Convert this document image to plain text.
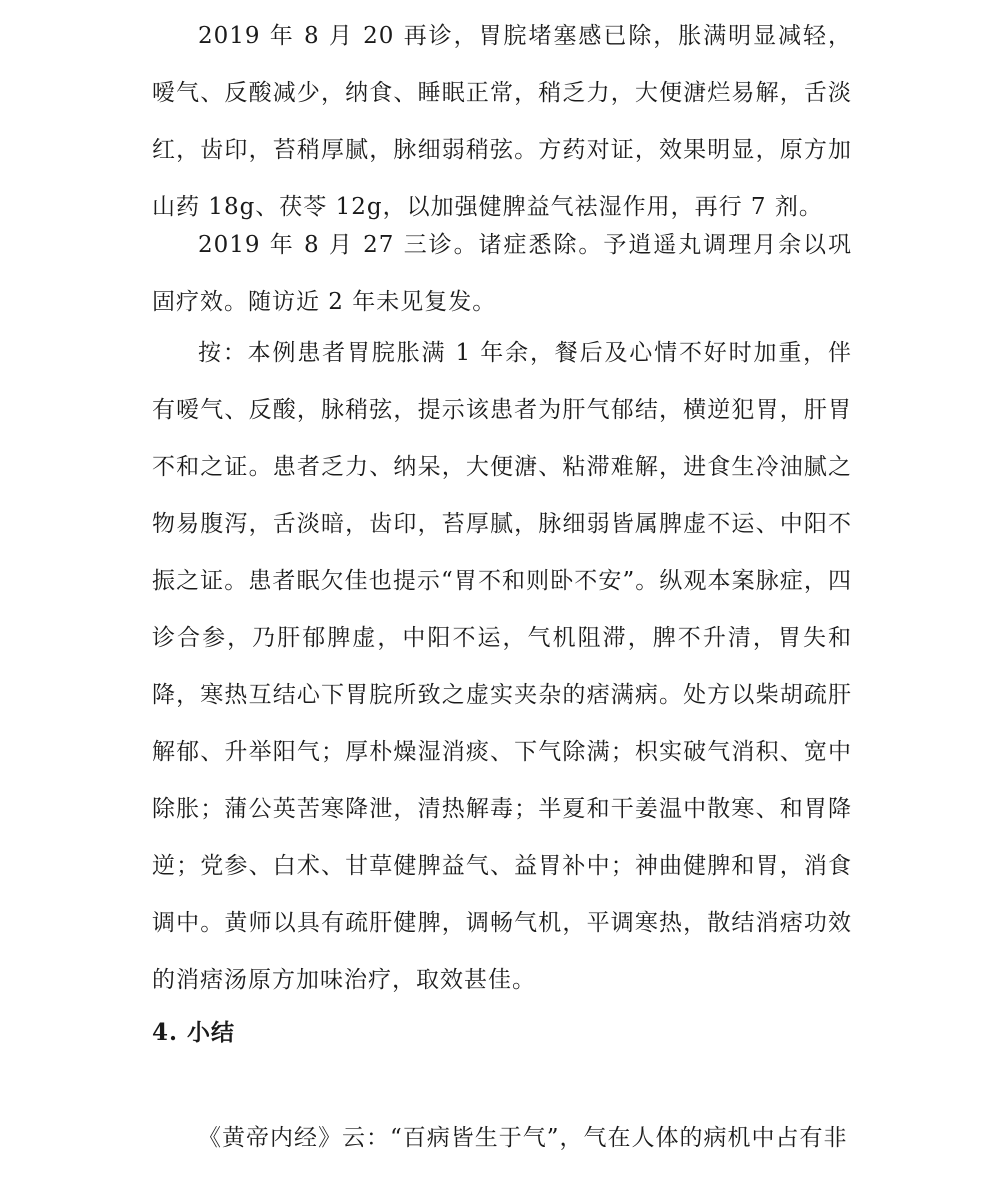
2019 年 8 月 20 再诊，胃脘堵塞感已除，胀满明显减轻，嗳气、反酸减少，纳食、睡眠正常，稍乏力，大便溏烂易解，舌淡红，齿印，苔稍厚腻，脉细弱稍弦。方药对证，效果明显，原方加山药 18g、茯苓 12g，以加强健脾益气祛湿作用，再行 7 剂。

2019 年 8 月 27 三诊。诸症悉除。予逍遥丸调理月余以巩固疗效。随访近 2 年未见复发。

按：本例患者胃脘胀满 1 年余，餐后及心情不好时加重，伴有嗳气、反酸，脉稍弦，提示该患者为肝气郁结，横逆犯胃，肝胃不和之证。患者乏力、纳呆，大便溏、粘滞难解，进食生冷油腻之物易腹泻，舌淡暗，齿印，苔厚腻，脉细弱皆属脾虚不运、中阳不振之证。患者眠欠佳也提示“胃不和则卧不安”。纵观本案脉症，四诊合参，乃肝郁脾虚，中阳不运，气机阻滞，脾不升清，胃失和降，寒热互结心下胃脘所致之虚实夹杂的痞满病。处方以柴胡疏肝解郁、升举阳气；厚朴燥湿消痰、下气除满；枳实破气消积、宽中除胀；蒲公英苦寒降泄，清热解毒；半夏和干姜温中散寒、和胃降逆；党参、白术、甘草健脾益气、益胃补中；神曲健脾和胃，消食调中。黄师以具有疏肝健脾，调畅气机，平调寒热，散结消痞功效的消痞汤原方加味治疗，取效甚佳。

4. 小结

《黄帝内经》云：“百病皆生于气”，气在人体的病机中占有非
